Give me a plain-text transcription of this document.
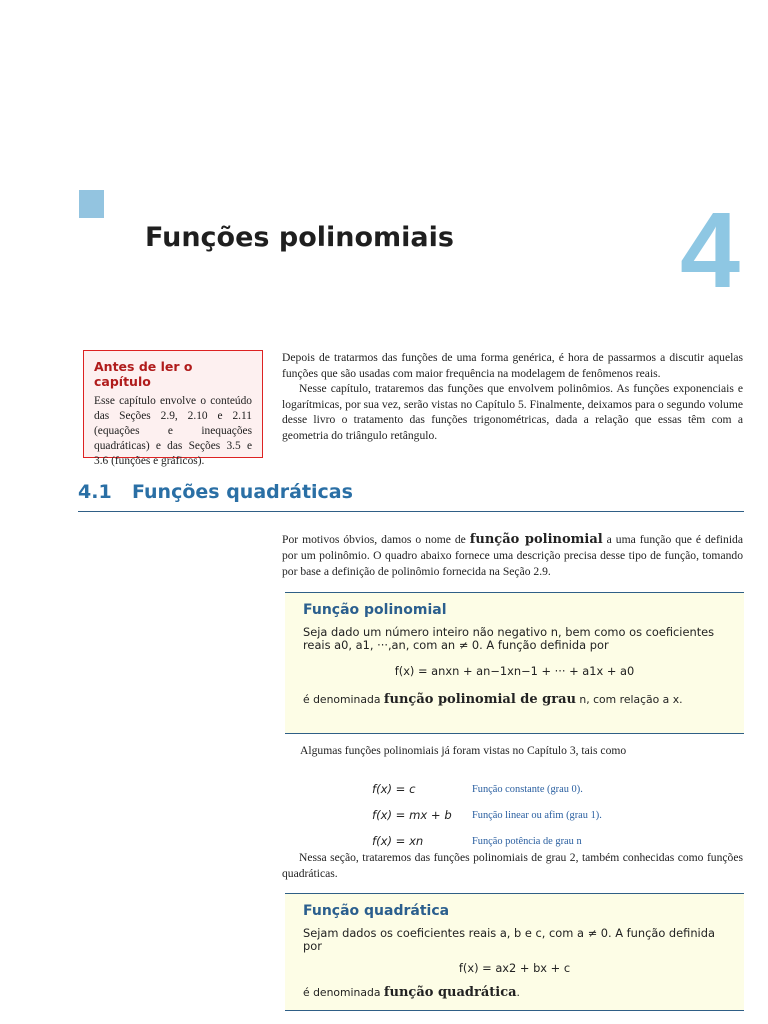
Funções polinomiais 4
Antes de ler o capítulo
Esse capítulo envolve o conteúdo das Seções 2.9, 2.10 e 2.11 (equações e inequações quadráticas) e das Seções 3.5 e 3.6 (funções e gráficos).

Depois de tratarmos das funções de uma forma genérica, é hora de passarmos a discutir aquelas funções que são usadas com maior frequência na modelagem de fenômenos reais.

Nesse capítulo, trataremos das funções que envolvem polinômios. As funções exponenciais e logarítmicas, por sua vez, serão vistas no Capítulo 5. Finalmente, deixamos para o segundo volume desse livro o tratamento das funções trigonométricas, dada a relação que essas têm com a geometria do triângulo retângulo.

4.1 Funções quadráticas

Por motivos óbvios, damos o nome de função polinomial a uma função que é definida por um polinômio. O quadro abaixo fornece uma descrição precisa desse tipo de função, tomando por base a definição de polinômio fornecida na Seção 2.9.

Função polinomial
Seja dado um número inteiro não negativo n, bem como os coeficientes reais a0, a1, ···,an, com an ≠ 0. A função definida por
f(x) = anxn + an−1xn−1 + ··· + a1x + a0
é denominada função polinomial de grau n, com relação a x.

Algumas funções polinomiais já foram vistas no Capítulo 3, tais como

f(x) = c	Função constante (grau 0).
f(x) = mx + b	Função linear ou afim (grau 1).
f(x) = xn	Função potência de grau n

Nessa seção, trataremos das funções polinomiais de grau 2, também conhecidas como funções quadráticas.

Função quadrática
Sejam dados os coeficientes reais a, b e c, com a ≠ 0. A função definida por
f(x) = ax2 + bx + c
é denominada função quadrática.
